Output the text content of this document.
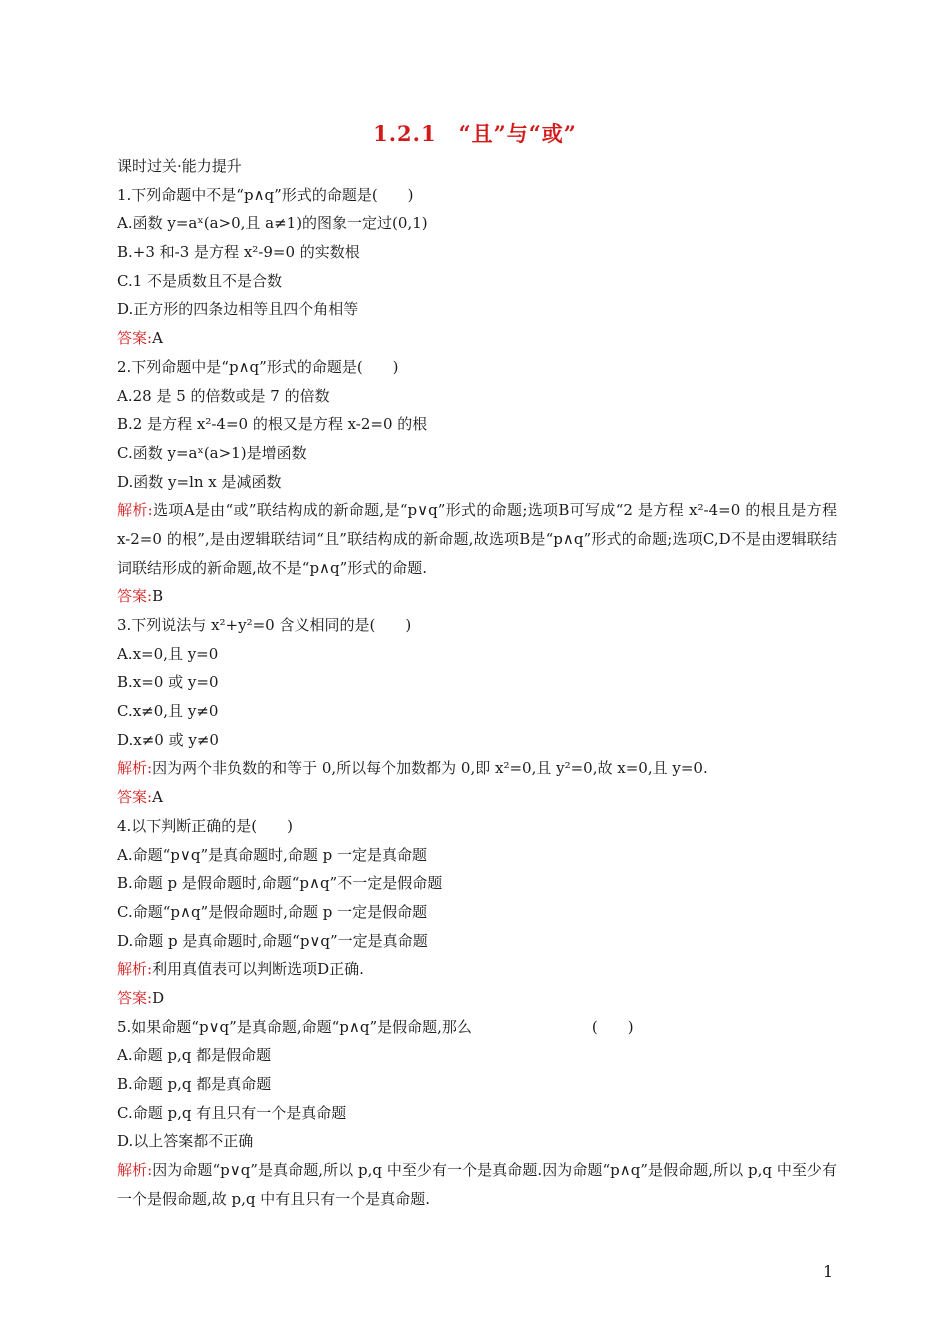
1.2.1　“且”与“或”
课时过关·能力提升
1.下列命题中不是“p∧q”形式的命题是(　　)
A.函数 y=aˣ(a>0,且 a≠1)的图象一定过(0,1)
B.+3 和-3 是方程 x²-9=0 的实数根
C.1 不是质数且不是合数
D.正方形的四条边相等且四个角相等
答案:A
2.下列命题中是“p∧q”形式的命题是(　　)
A.28 是 5 的倍数或是 7 的倍数
B.2 是方程 x²-4=0 的根又是方程 x-2=0 的根
C.函数 y=aˣ(a>1)是增函数
D.函数 y=ln x 是减函数
解析:选项A是由“或”联结构成的新命题,是“p∨q”形式的命题;选项B可写成“2 是方程 x²-4=0 的根且是方程 x-2=0 的根”,是由逻辑联结词“且”联结构成的新命题,故选项B是“p∧q”形式的命题;选项C,D不是由逻辑联结词联结形成的新命题,故不是“p∧q”形式的命题.
答案:B
3.下列说法与 x²+y²=0 含义相同的是(　　)
A.x=0,且 y=0
B.x=0 或 y=0
C.x≠0,且 y≠0
D.x≠0 或 y≠0
解析:因为两个非负数的和等于 0,所以每个加数都为 0,即 x²=0,且 y²=0,故 x=0,且 y=0.
答案:A
4.以下判断正确的是(　　)
A.命题“p∨q”是真命题时,命题 p 一定是真命题
B.命题 p 是假命题时,命题“p∧q”不一定是假命题
C.命题“p∧q”是假命题时,命题 p 一定是假命题
D.命题 p 是真命题时,命题“p∨q”一定是真命题
解析:利用真值表可以判断选项D正确.
答案:D
5.如果命题“p∨q”是真命题,命题“p∧q”是假命题,那么　　　　　　　　(　　)
A.命题 p,q 都是假命题
B.命题 p,q 都是真命题
C.命题 p,q 有且只有一个是真命题
D.以上答案都不正确
解析:因为命题“p∨q”是真命题,所以 p,q 中至少有一个是真命题.因为命题“p∧q”是假命题,所以 p,q 中至少有一个是假命题,故 p,q 中有且只有一个是真命题.
1
